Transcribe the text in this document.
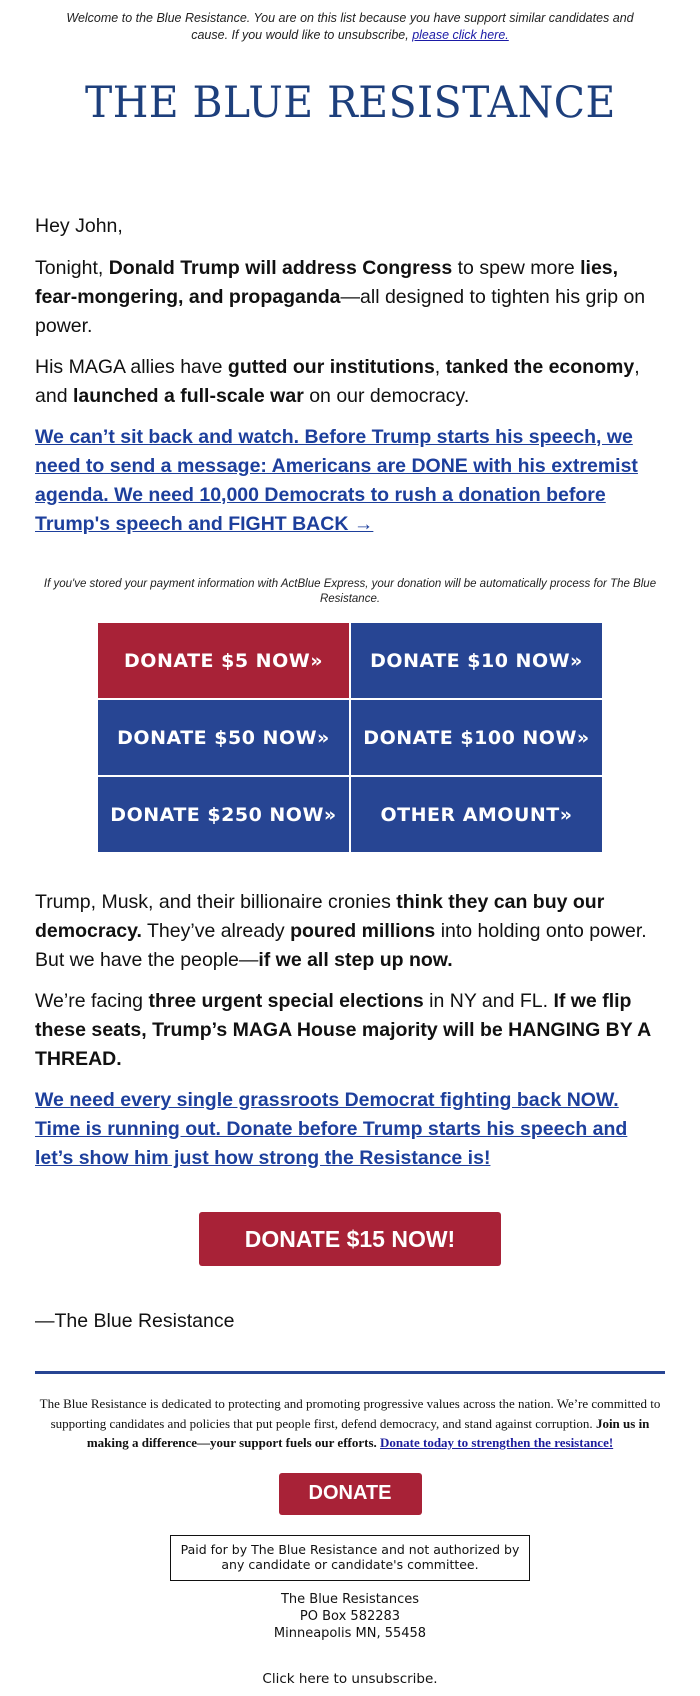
Welcome to the Blue Resistance. You are on this list because you have support similar candidates and cause. If you would like to unsubscribe, please click here.
THE BLUE RESISTANCE

Hey John,

Tonight, Donald Trump will address Congress to spew more lies, fear-mongering, and propaganda—all designed to tighten his grip on power.

His MAGA allies have gutted our institutions, tanked the economy, and launched a full-scale war on our democracy.

We can’t sit back and watch. Before Trump starts his speech, we need to send a message: Americans are DONE with his extremist agenda. We need 10,000 Democrats to rush a donation before Trump's speech and FIGHT BACK →

If you've stored your payment information with ActBlue Express, your donation will be automatically process for The Blue Resistance.
DONATE $5 NOW»	DONATE $10 NOW»
DONATE $50 NOW»	DONATE $100 NOW»
DONATE $250 NOW»	OTHER AMOUNT»

Trump, Musk, and their billionaire cronies think they can buy our democracy. They’ve already poured millions into holding onto power. But we have the people—if we all step up now.

We’re facing three urgent special elections in NY and FL. If we flip these seats, Trump’s MAGA House majority will be HANGING BY A THREAD.

We need every single grassroots Democrat fighting back NOW. Time is running out. Donate before Trump starts his speech and let’s show him just how strong the Resistance is!

DONATE $15 NOW!
—The Blue Resistance
The Blue Resistance is dedicated to protecting and promoting progressive values across the nation. We’re committed to supporting candidates and policies that put people first, defend democracy, and stand against corruption. Join us in making a difference—your support fuels our efforts. Donate today to strengthen the resistance!
DONATE
Paid for by The Blue Resistance and not authorized by any candidate or candidate's committee.
The Blue Resistances
PO Box 582283
Minneapolis MN, 55458
Click here to unsubscribe.
